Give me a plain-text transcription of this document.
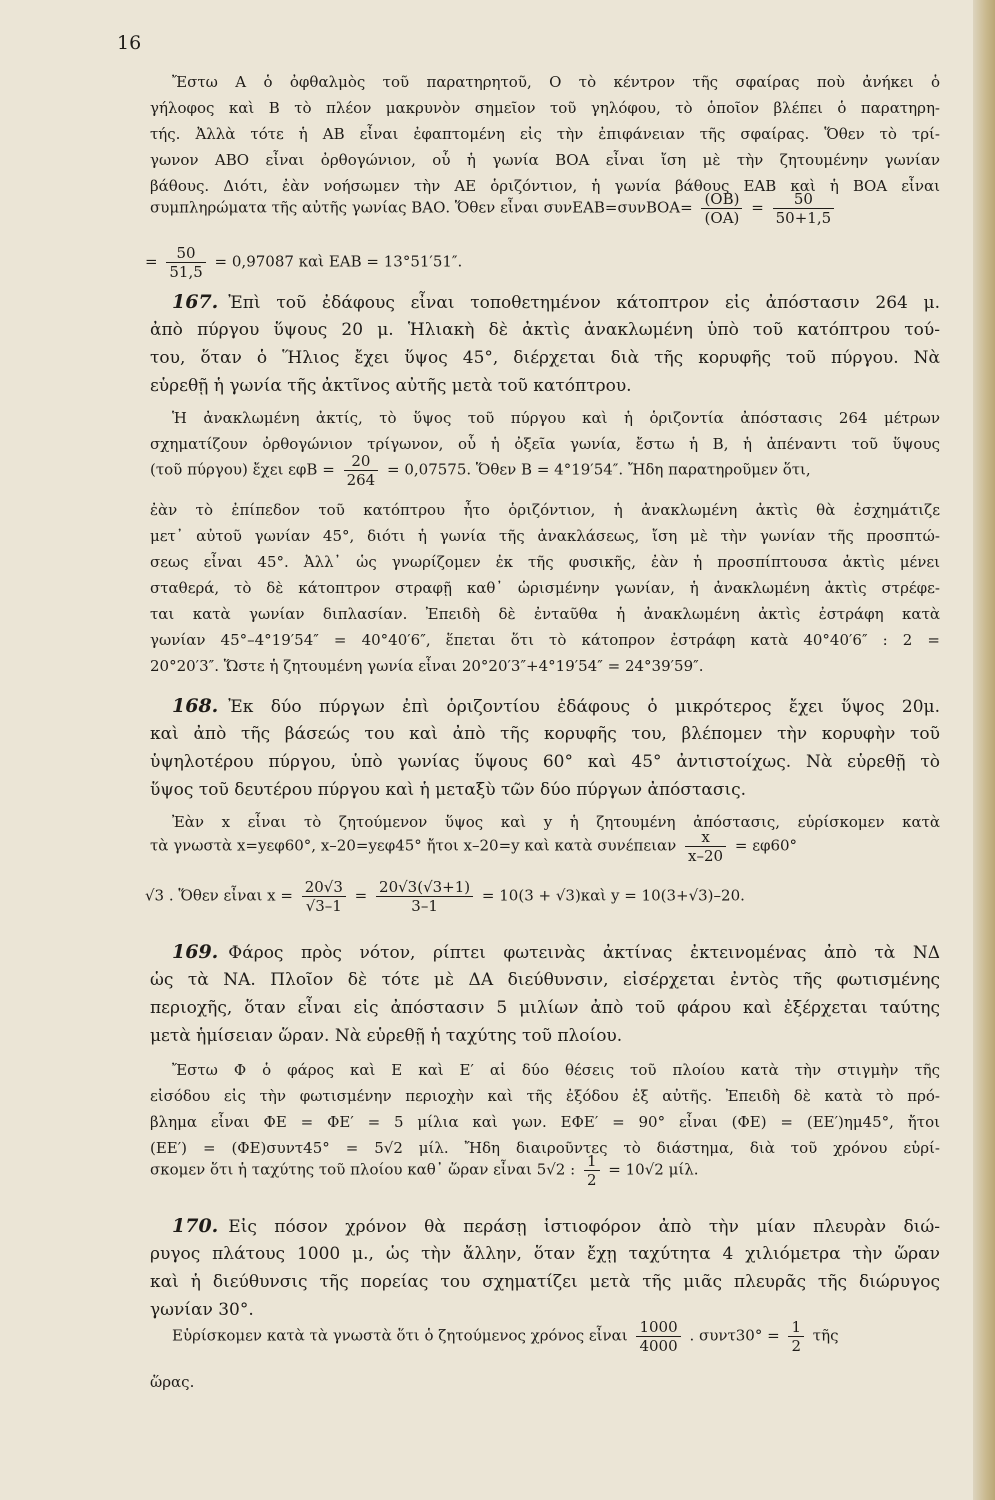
16
Ἔστω Α ὁ ὀφθαλμὸς τοῦ παρατηρητοῦ, Ο τὸ κέντρον τῆς σφαίρας ποὺ ἀνήκει ὁ
γήλοφος καὶ Β τὸ πλέον μακρυνὸν σημεῖον τοῦ γηλόφου, τὸ ὁποῖον βλέπει ὁ παρατηρη-
τής. Ἀλλὰ τότε ἡ ΑΒ εἶναι ἐφαπτομένη εἰς τὴν ἐπιφάνειαν τῆς σφαίρας. Ὅθεν τὸ τρί-
γωνον ΑΒΟ εἶναι ὀρθογώνιον, οὗ ἡ γωνία ΒΟΑ εἶναι ἴση μὲ τὴν ζητουμένην γωνίαν
βάθους. Διότι, ἐὰν νοήσωμεν τὴν ΑΕ ὁριζόντιον, ἡ γωνία βάθους ΕΑΒ καὶ ἡ ΒΟΑ εἶναι
συμπληρώματα τῆς αὐτῆς γωνίας ΒΑΟ. Ὅθεν εἶναι $\sigma\upsilon\nu EAB=\sigma\upsilon\nu BOA= \frac{(OB)}{(OA)} = \frac{50}{50+1,5}$
= $\frac{50}{51,5} = 0,97087$ καὶ ΕΑΒ = 13°51′51″.
167. Ἐπὶ τοῦ ἐδάφους εἶναι τοποθετημένον κάτοπτρον εἰς ἀπόστασιν 264 μ.
ἀπὸ πύργου ὕψους 20 μ. Ἡλιακὴ δὲ ἀκτὶς ἀνακλωμένη ὑπὸ τοῦ κατόπτρου τού-
του, ὅταν ὁ Ἥλιος ἔχει ὕψος 45°, διέρχεται διὰ τῆς κορυφῆς τοῦ πύργου. Νὰ
εὑρεθῇ ἡ γωνία τῆς ἀκτῖνος αὐτῆς μετὰ τοῦ κατόπτρου.
Ἡ ἀνακλωμένη ἀκτίς, τὸ ὕψος τοῦ πύργου καὶ ἡ ὁριζοντία ἀπόστασις 264 μέτρων
σχηματίζουν ὀρθογώνιον τρίγωνον, οὗ ἡ ὀξεῖα γωνία, ἔστω ἡ Β, ἡ ἀπέναντι τοῦ ὕψους
(τοῦ πύργου) ἔχει $\varepsilon\varphi B = \frac{20}{264} = 0,07575$. Ὅθεν Β = 4°19′54″. Ἤδη παρατηροῦμεν ὅτι,
ἐὰν τὸ ἐπίπεδον τοῦ κατόπτρου ἦτο ὁριζόντιον, ἡ ἀνακλωμένη ἀκτὶς θὰ ἐσχημάτιζε
μετ᾽ αὐτοῦ γωνίαν 45°, διότι ἡ γωνία τῆς ἀνακλάσεως, ἴση μὲ τὴν γωνίαν τῆς προσπτώ-
σεως εἶναι 45°. Ἀλλ᾽ ὡς γνωρίζομεν ἐκ τῆς φυσικῆς, ἐὰν ἡ προσπίπτουσα ἀκτὶς μένει
σταθερά, τὸ δὲ κάτοπτρον στραφῇ καθ᾽ ὡρισμένην γωνίαν, ἡ ἀνακλωμένη ἀκτὶς στρέφε-
ται κατὰ γωνίαν διπλασίαν. Ἐπειδὴ δὲ ἐνταῦθα ἡ ἀνακλωμένη ἀκτὶς ἐστράφη κατὰ
γωνίαν 45°–4°19′54″ = 40°40′6″, ἕπεται ὅτι τὸ κάτοπρον ἐστράφη κατὰ 40°40′6″ : 2 =
20°20′3″. Ὥστε ἡ ζητουμένη γωνία εἶναι 20°20′3″+4°19′54″ = 24°39′59″.
168. Ἐκ δύο πύργων ἐπὶ ὁριζοντίου ἐδάφους ὁ μικρότερος ἔχει ὕψος 20μ.
καὶ ἀπὸ τῆς βάσεώς του καὶ ἀπὸ τῆς κορυφῆς του, βλέπομεν τὴν κορυφὴν τοῦ
ὑψηλοτέρου πύργου, ὑπὸ γωνίας ὕψους 60° καὶ 45° ἀντιστοίχως. Νὰ εὑρεθῇ τὸ
ὕψος τοῦ δευτέρου πύργου καὶ ἡ μεταξὺ τῶν δύο πύργων ἀπόστασις.
Ἐὰν x εἶναι τὸ ζητούμενον ὕψος καὶ y ἡ ζητουμένη ἀπόστασις, εὑρίσκομεν κατὰ
τὰ γνωστὰ x=yεφ60°, x–20=yεφ45° ἤτοι x–20=y καὶ κατὰ συνέπειαν $\frac{x}{x-20} = \varepsilon\varphi 60^\circ$
√3 . Ὅθεν εἶναι $x = \frac{20√3}{√3-1} = \frac{20√3(√3+1)}{3-1} = 10(3$ + √3)καὶ y = 10(3+√3)–20.
169. Φάρος πρὸς νότον, ρίπτει φωτεινὰς ἀκτίνας ἐκτεινομένας ἀπὸ τὰ ΝΔ
ὡς τὰ ΝΑ. Πλοῖον δὲ τότε μὲ ΔΑ διεύθυνσιν, εἰσέρχεται ἐντὸς τῆς φωτισμένης
περιοχῆς, ὅταν εἶναι εἰς ἀπόστασιν 5 μιλίων ἀπὸ τοῦ φάρου καὶ ἐξέρχεται ταύτης
μετὰ ἡμίσειαν ὥραν. Νὰ εὑρεθῇ ἡ ταχύτης τοῦ πλοίου.
Ἔστω Φ ὁ φάρος καὶ Ε καὶ Ε′ αἱ δύο θέσεις τοῦ πλοίου κατὰ τὴν στιγμὴν τῆς
εἰσόδου εἰς τὴν φωτισμένην περιοχὴν καὶ τῆς ἐξόδου ἐξ αὐτῆς. Ἐπειδὴ δὲ κατὰ τὸ πρό-
βλημα εἶναι ΦΕ = ΦΕ′ = 5 μίλια καὶ γων. ΕΦΕ′ = 90° εἶναι (ΦΕ) = (ΕΕ′)ημ45°, ἤτοι
(ΕΕ′) = (ΦΕ)συντ45° = 5√2 μίλ. Ἤδη διαιροῦντες τὸ διάστημα, διὰ τοῦ χρόνου εὑρί-
σκομεν ὅτι ἡ ταχύτης τοῦ πλοίου καθ᾽ ὥραν εἶναι 5√2 : $\frac{1}{2} = 10√2$ μίλ.
170. Εἰς πόσον χρόνον θὰ περάσῃ ἱστιοφόρον ἀπὸ τὴν μίαν πλευρὰν διώ-
ρυγος πλάτους 1000 μ., ὡς τὴν ἄλλην, ὅταν ἔχῃ ταχύτητα 4 χιλιόμετρα τὴν ὥραν
καὶ ἡ διεύθυνσις τῆς πορείας του σχηματίζει μετὰ τῆς μιᾶς πλευρᾶς τῆς διώρυγος
γωνίαν 30°.
Εὑρίσκομεν κατὰ τὰ γνωστὰ ὅτι ὁ ζητούμενος χρόνος εἶναι $\frac{1000}{4000}$ . $\sigma\upsilon\nu\tau 30^\circ = \frac{1}{2}$ τῆς
ὥρας.
